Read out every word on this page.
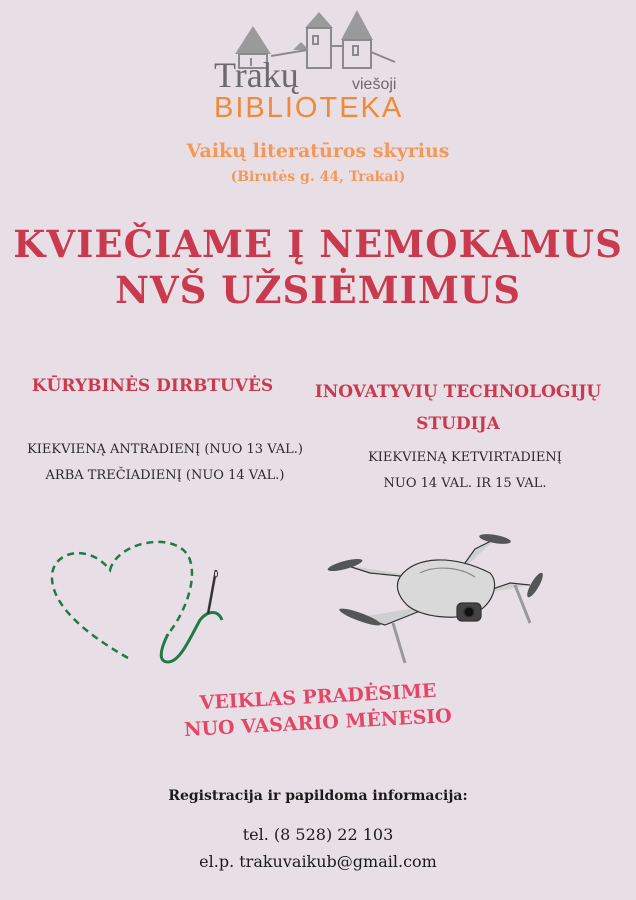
Trakų	viešoji
BIBLIOTEKA
Vaikų literatūros skyrius
(Birutės g. 44, Trakai)
KVIEČIAME Į NEMOKAMUS
NVŠ UŽSIĖMIMUS
KŪRYBINĖS DIRBTUVĖS
KIEKVIENĄ ANTRADIENĮ (NUO 13 VAL.)
ARBA TREČIADIENĮ (NUO 14 VAL.)
INOVATYVIŲ TECHNOLOGIJŲ
STUDIJA
KIEKVIENĄ KETVIRTADIENĮ
NUO 14 VAL. IR 15 VAL.
VEIKLAS PRADĖSIME
NUO VASARIO MĖNESIO
Registracija ir papildoma informacija:
tel. (8 528) 22 103
el.p. trakuvaikub@gmail.com
